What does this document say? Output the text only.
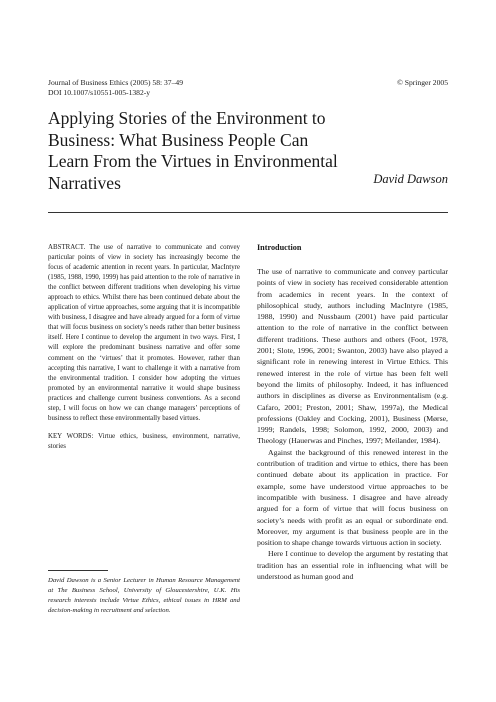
Journal of Business Ethics (2005) 58: 37–49
DOI 10.1007/s10551-005-1382-y
© Springer 2005
Applying Stories of the Environment to Business: What Business People Can Learn From the Virtues in Environmental Narratives	David Dawson

ABSTRACT. The use of narrative to communicate and convey particular points of view in society has increasingly become the focus of academic attention in recent years. In particular, MacIntyre (1985, 1988, 1990, 1999) has paid attention to the role of narrative in the conflict between different traditions when developing his virtue approach to ethics. Whilst there has been continued debate about the application of virtue approaches, some arguing that it is incompatible with business, I disagree and have already argued for a form of virtue that will focus business on society’s needs rather than better business itself. Here I continue to develop the argument in two ways. First, I will explore the predominant business narrative and offer some comment on the ‘virtues’ that it promotes. However, rather than accepting this narrative, I want to challenge it with a narrative from the environmental tradition. I consider how adopting the virtues promoted by an environmental narrative it would shape business practices and challenge current business conventions. As a second step, I will focus on how we can change managers’ perceptions of business to reflect these environmentally based virtues.

KEY WORDS: Virtue ethics, business, environment, narrative, stories

David Dawson is a Senior Lecturer in Human Resource Management at The Business School, University of Gloucestershire, U.K. His research interests include Virtue Ethics, ethical issues in HRM and decision-making in recruitment and selection.

Introduction

The use of narrative to communicate and convey particular points of view in society has received considerable attention from academics in recent years. In the context of philosophical study, authors including MacIntyre (1985, 1988, 1990) and Nussbaum (2001) have paid particular attention to the role of narrative in the conflict between different traditions. These authors and others (Foot, 1978, 2001; Slote, 1996, 2001; Swanton, 2003) have also played a significant role in renewing interest in Virtue Ethics. This renewed interest in the role of virtue has been felt well beyond the limits of philosophy. Indeed, it has influenced authors in disciplines as diverse as Environmentalism (e.g. Cafaro, 2001; Preston, 2001; Shaw, 1997a), the Medical professions (Oakley and Cocking, 2001), Business (Mørse, 1999; Randels, 1998; Solomon, 1992, 2000, 2003) and Theology (Hauerwas and Pinches, 1997; Meilander, 1984).

Against the background of this renewed interest in the contribution of tradition and virtue to ethics, there has been continued debate about its application in practice. For example, some have understood virtue approaches to be incompatible with business. I disagree and have already argued for a form of virtue that will focus business on society’s needs with profit as an equal or subordinate end. Moreover, my argument is that business people are in the position to shape change towards virtuous action in society.

Here I continue to develop the argument by restating that tradition has an essential role in influencing what will be understood as human good and
